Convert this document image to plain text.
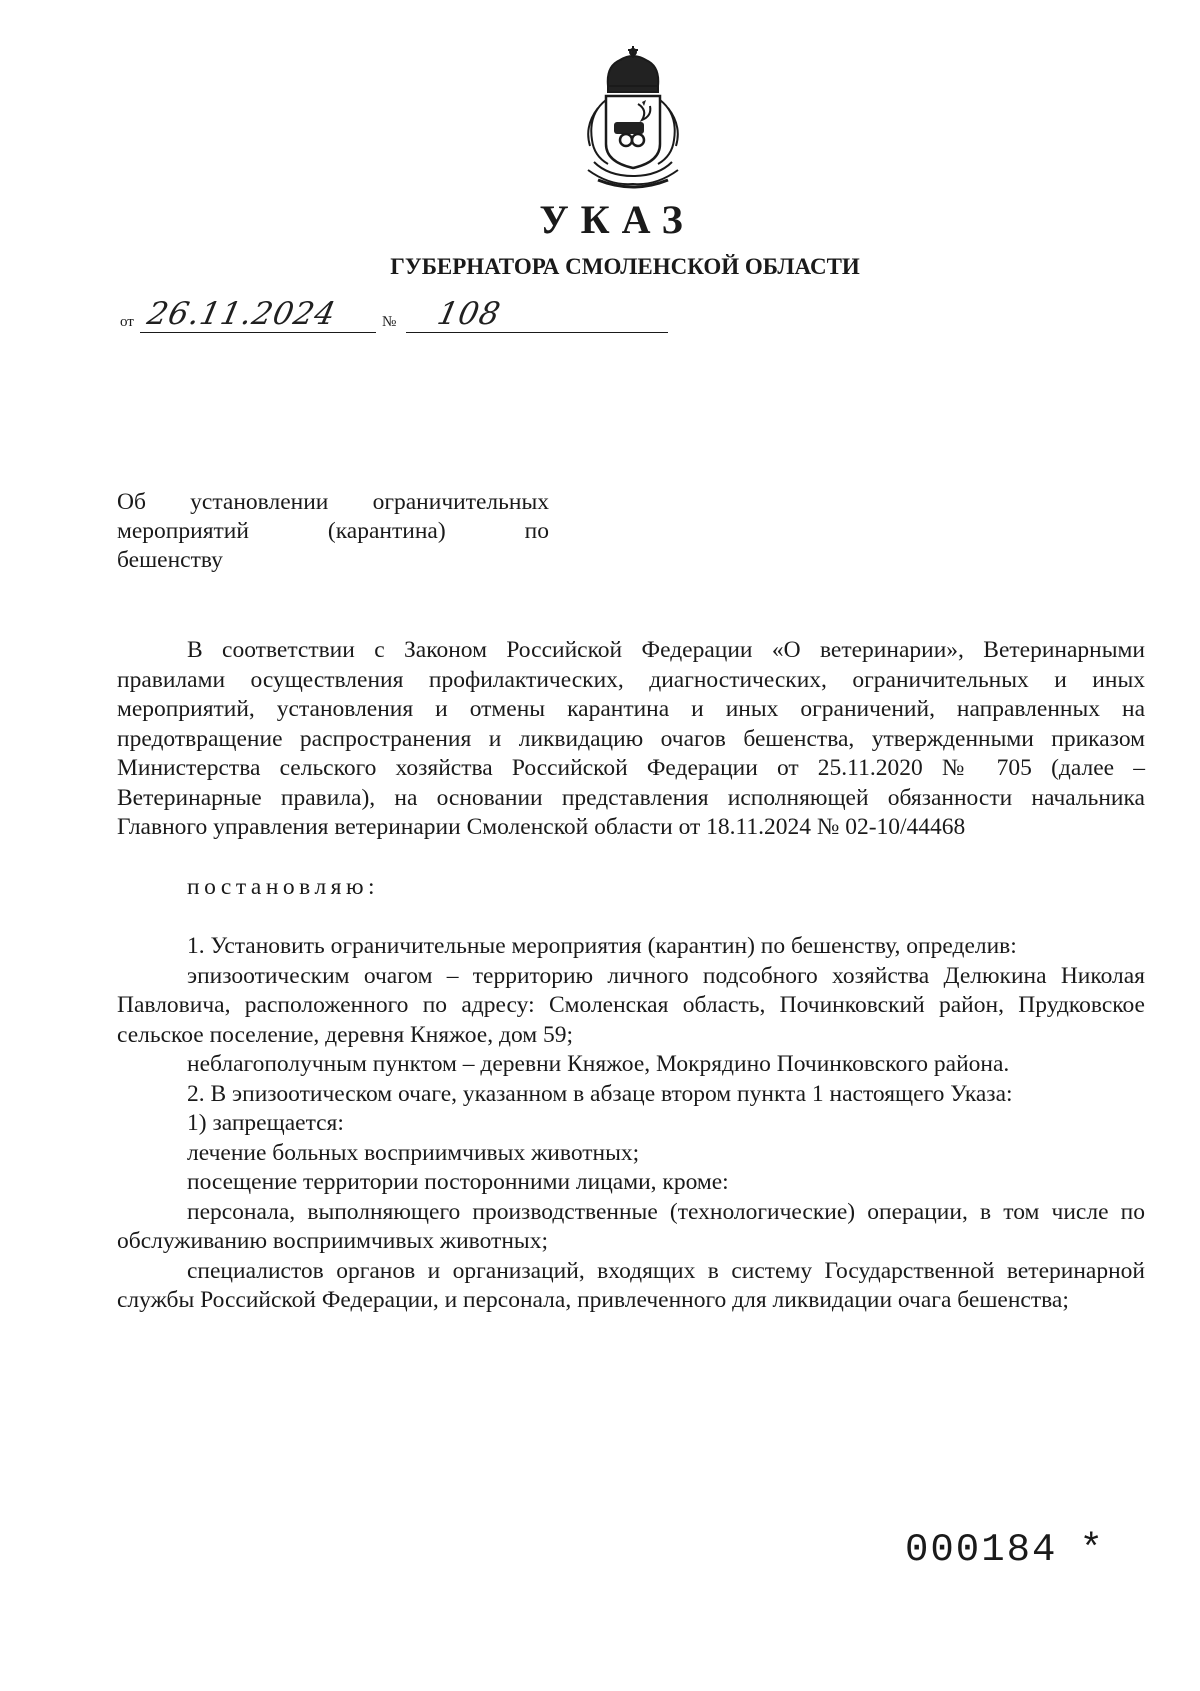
УКАЗ
ГУБЕРНАТОРА СМОЛЕНСКОЙ ОБЛАСТИ
от 26.11.2024	№ 108
Об установлении ограничительных
мероприятий	(карантина)	по
бешенству

В соответствии с Законом Российской Федерации «О ветеринарии», Ветеринарными правилами осуществления профилактических, диагностических, ограничительных и иных мероприятий, установления и отмены карантина и иных ограничений, направленных на предотвращение распространения и ликвидацию очагов бешенства, утвержденными приказом Министерства сельского хозяйства Российской Федерации от 25.11.2020 № 705 (далее – Ветеринарные правила), на основании представления исполняющей обязанности начальника Главного управления ветеринарии Смоленской области от 18.11.2024 № 02-10/44468

постановляю:

1. Установить ограничительные мероприятия (карантин) по бешенству, определив:

эпизоотическим очагом – территорию личного подсобного хозяйства Делюкина Николая Павловича, расположенного по адресу: Смоленская область, Починковский район, Прудковское сельское поселение, деревня Княжое, дом 59;

неблагополучным пунктом – деревни Княжое, Мокрядино Починковского района.

2. В эпизоотическом очаге, указанном в абзаце втором пункта 1 настоящего Указа:

1) запрещается:

лечение больных восприимчивых животных;

посещение территории посторонними лицами, кроме:

персонала, выполняющего производственные (технологические) операции, в том числе по обслуживанию восприимчивых животных;

специалистов органов и организаций, входящих в систему Государственной ветеринарной службы Российской Федерации, и персонала, привлеченного для ликвидации очага бешенства;

000184 *
